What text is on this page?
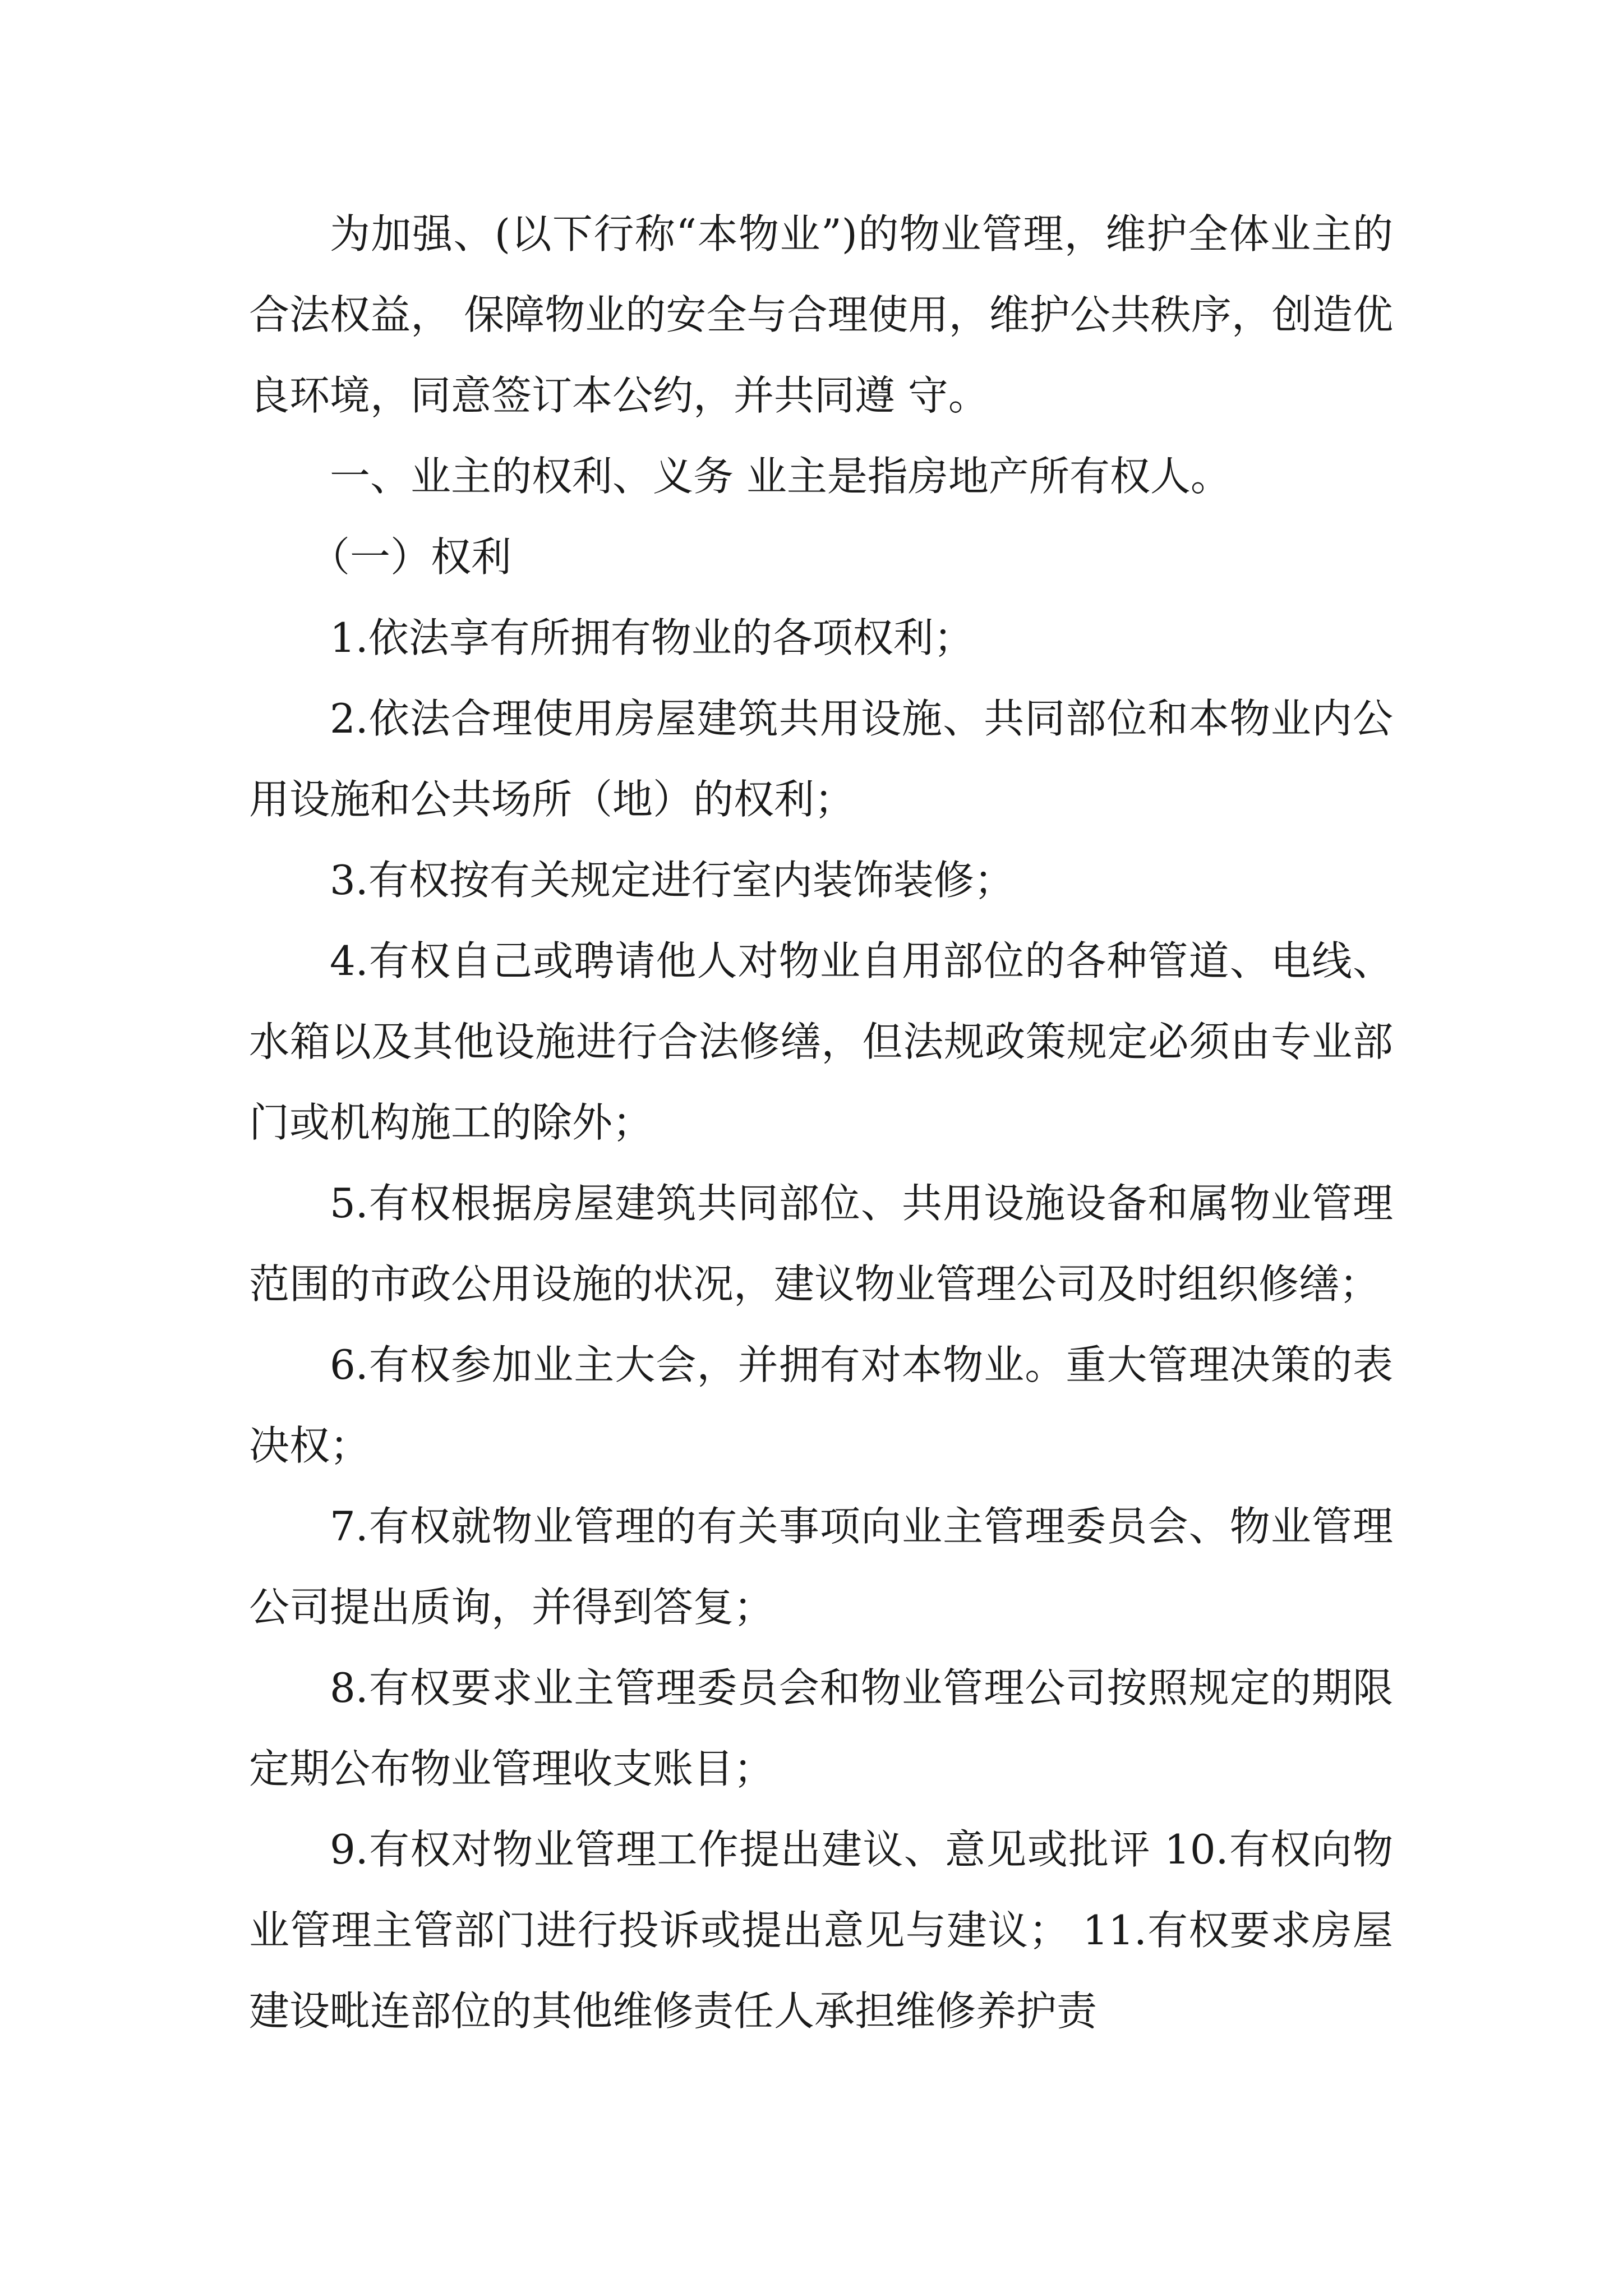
为加强、(以下行称“本物业”)的物业管理，维护全体业主的合法权益， 保障物业的安全与合理使用，维护公共秩序，创造优良环境，同意签订本公约，并共同遵 守。

一、业主的权利、义务 业主是指房地产所有权人。

（一）权利

1.依法享有所拥有物业的各项权利；

2.依法合理使用房屋建筑共用设施、共同部位和本物业内公用设施和公共场所（地）的权利；

3.有权按有关规定进行室内装饰装修；

4.有权自己或聘请他人对物业自用部位的各种管道、电线、水箱以及其他设施进行合法修缮，但法规政策规定必须由专业部门或机构施工的除外；

5.有权根据房屋建筑共同部位、共用设施设备和属物业管理范围的市政公用设施的状况，建议物业管理公司及时组织修缮；

6.有权参加业主大会，并拥有对本物业。重大管理决策的表决权；

7.有权就物业管理的有关事项向业主管理委员会、物业管理公司提出质询，并得到答复；

8.有权要求业主管理委员会和物业管理公司按照规定的期限定期公布物业管理收支账目；

9.有权对物业管理工作提出建议、意见或批评 10.有权向物业管理主管部门进行投诉或提出意见与建议； 11.有权要求房屋建设毗连部位的其他维修责任人承担维修养护责
